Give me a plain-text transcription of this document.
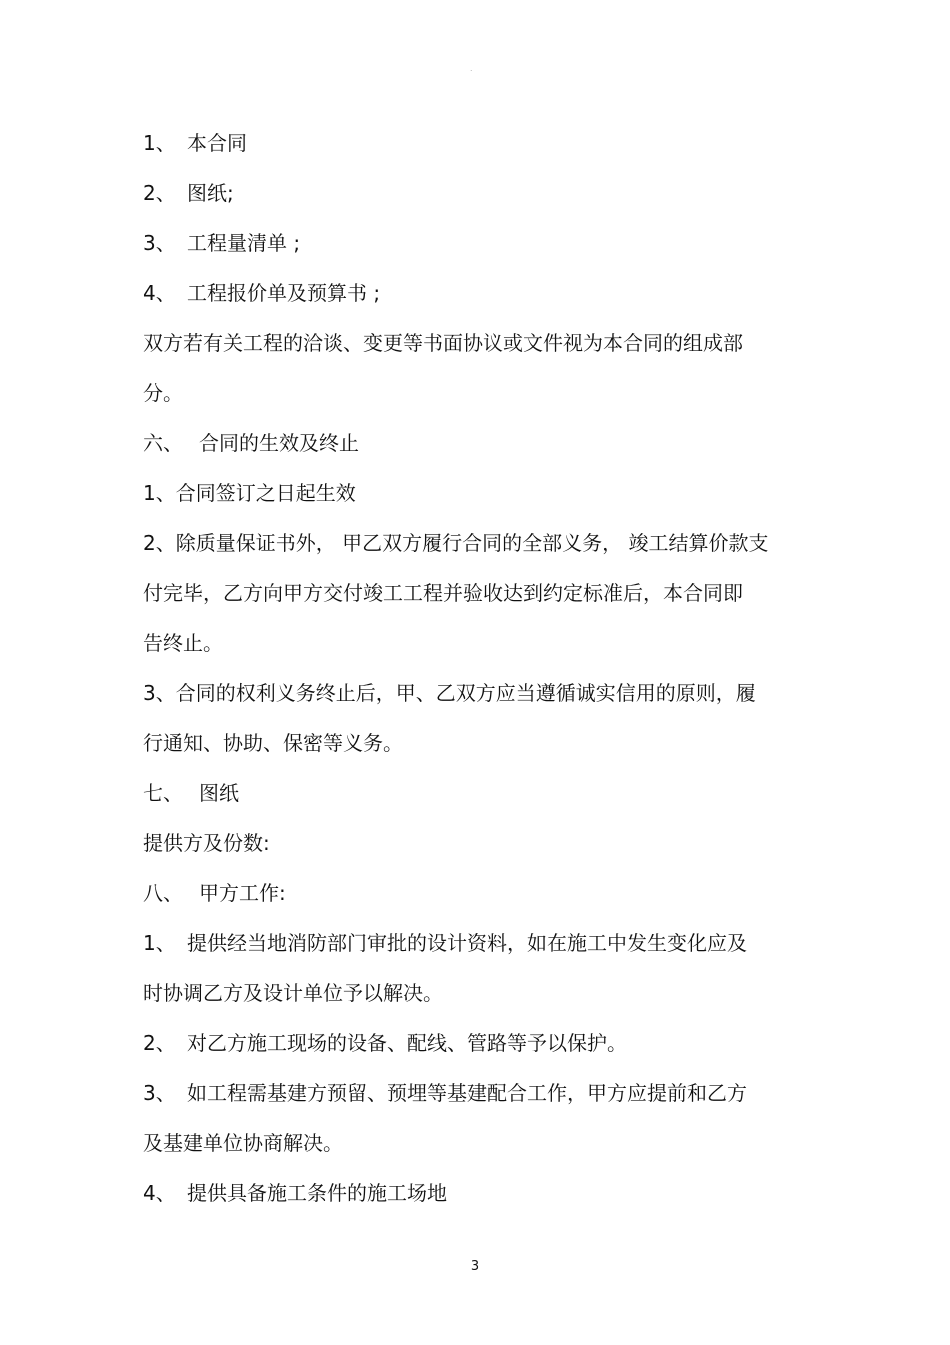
˙
1、 本合同
2、 图纸;
3、 工程量清单 ;
4、 工程报价单及预算书 ;
双方若有关工程的洽谈、变更等书面协议或文件视为本合同的组成部
分。
六、 合同的生效及终止
1、合同签订之日起生效
2、除质量保证书外， 甲乙双方履行合同的全部义务， 竣工结算价款支
付完毕，乙方向甲方交付竣工工程并验收达到约定标准后，本合同即
告终止。
3、合同的权利义务终止后，甲、乙双方应当遵循诚实信用的原则，履
行通知、协助、保密等义务。
七、 图纸
提供方及份数:
八、 甲方工作:
1、 提供经当地消防部门审批的设计资料，如在施工中发生变化应及
时协调乙方及设计单位予以解决。
2、 对乙方施工现场的设备、配线、管路等予以保护。
3、 如工程需基建方预留、预埋等基建配合工作，甲方应提前和乙方
及基建单位协商解决。
4、 提供具备施工条件的施工场地
3
